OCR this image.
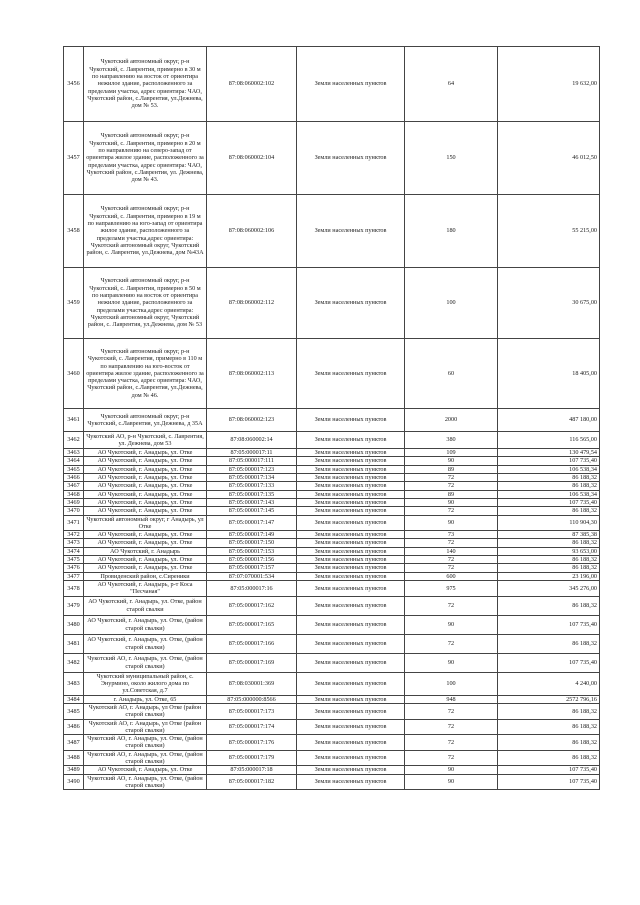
3456	Чукотский автономный округ, р-н Чукотский, с. Лаврентия, примерно в 30 м по направлению на восток от ориентира нежилое здание, расположенного за пределами участка, адрес ориентира: ЧАО, Чукотский район, с.Лаврентия, ул.Дежнева, дом № 53.	87:08:060002:102	Земли населенных пунктов	64	19 632,00
3457	Чукотский автономный округ, р-н Чукотский, с. Лаврентия, примерно в 20 м по направлению на северо-запад от ориентира жилое здание, расположенного за пределами участка, адрес ориентира: ЧАО, Чукотский район, с.Лаврентия, ул. Дежнева, дом № 43.	87:08:060002:104	Земли населенных пунктов	150	46 012,50
3458	Чукотский автономный округ, р-н Чукотский, с. Лаврентия, примерно в 19 м по направлению на юго-запад от ориентира жилое здание, расположенного за пределами участка,адрес ориентира: Чукотский автономный округ, Чукотский район, с. Лаврентия, ул.Дежнева, дом №43А	87:08:060002:106	Земли населенных пунктов	180	55 215,00
3459	Чукотский автономный округ, р-н Чукотский, с. Лаврентия, примерно в 50 м по направлению на восток от ориентира нежилое здание, расположенного за пределами участка,адрес ориентира: Чукотский автономный округ, Чукотский район, с. Лаврентия, ул.Дежнева, дом № 53	87:08:060002:112	Земли населенных пунктов	100	30 675,00
3460	Чукотский автономный округ, р-н Чукотский, с. Лаврентия, примерно в 110 м по направлению на юго-восток от ориентира жилое здание, расположенного за пределами участка, адрес ориентира: ЧАО, Чукотский район, с.Лаврентия, ул.Дежнева, дом № 46.	87:08:060002:113	Земли населенных пунктов	60	18 405,00
3461	Чукотский автономный округ, р-н Чукотский, с.Лаврентия, ул.Дежнева, д 35А	87:08:060002:123	Земли населенных пунктов	2000	487 180,00
3462	Чукотский АО, р-н Чукотский, с. Лаврентия, ул. Дежнева, дом 53	87:08:060002:14	Земли населенных пунктов	380	116 565,00
3463	АО Чукотский, г. Анадырь, ул. Отке	87:05:000017:11	Земли населенных пунктов	109	130 479,54
3464	АО Чукотский, г. Анадырь, ул. Отке	87:05:000017:111	Земли населенных пунктов	90	107 735,40
3465	АО Чукотский, г. Анадырь, ул. Отке	87:05:000017:123	Земли населенных пунктов	89	106 538,34
3466	АО Чукотский, г. Анадырь, ул. Отке	87:05:000017:134	Земли населенных пунктов	72	86 188,32
3467	АО Чукотский, г. Анадырь, ул. Отке	87:05:000017:133	Земли населенных пунктов	72	86 188,32
3468	АО Чукотский, г. Анадырь, ул. Отке	87:05:000017:135	Земли населенных пунктов	89	106 538,34
3469	АО Чукотский, г. Анадырь, ул. Отке	87:05:000017:143	Земли населенных пунктов	90	107 735,40
3470	АО Чукотский, г. Анадырь, ул. Отке	87:05:000017:145	Земли населенных пунктов	72	86 188,32
3471	Чукотский автономный округ, г Анадырь, ул Отке	87:05:000017:147	Земли населенных пунктов	90	110 904,30
3472	АО Чукотский, г. Анадырь, ул. Отке	87:05:000017:149	Земли населенных пунктов	73	87 385,38
3473	АО Чукотский, г. Анадырь, ул. Отке	87:05:000017:150	Земли населенных пунктов	72	86 188,32
3474	АО Чукотский, г. Анадырь	87:05:000017:153	Земли населенных пунктов	140	93 653,00
3475	АО Чукотский, г. Анадырь, ул. Отке	87:05:000017:156	Земли населенных пунктов	72	86 188,32
3476	АО Чукотский, г. Анадырь, ул. Отке	87:05:000017:157	Земли населенных пунктов	72	86 188,32
3477	Провиденский район, с.Сиреники	87:07:070001:534	Земли населенных пунктов	600	23 196,00
3478	АО Чукотский, г. Анадырь, р-т Коса "Песчаная"	87:05:000017:16	Земли населенных пунктов	975	345 276,00
3479	АО Чукотский, г. Анадырь, ул. Отке, район старой свалки	87:05:000017:162	Земли населенных пунктов	72	86 188,32
3480	АО Чукотский, г. Анадырь, ул. Отке, (район старой свалки)	87:05:000017:165	Земли населенных пунктов	90	107 735,40
3481	АО Чукотский, г. Анадырь, ул. Отке, (район старой свалки)	87:05:000017:166	Земли населенных пунктов	72	86 188,32
3482	Чукотский АО, г. Анадырь, ул. Отке, (район старой свалки)	87:05:000017:169	Земли населенных пунктов	90	107 735,40
3483	Чукотский муниципальный район, с. Энурмино, около жилого дома по ул.Советская, д.7	87:08:030001:369	Земли населенных пунктов	100	4 240,00
3484	г. Анадырь, ул. Отке, 65	87:05:000000:8566	Земли населенных пунктов	948	2572 796,16
3485	Чукотский АО, г. Анадырь, ул Отке (район старой свалки)	87:05:000017:173	Земли населенных пунктов	72	86 188,32
3486	Чукотский АО, г. Анадырь, ул Отке (район старой свалки)	87:05:000017:174	Земли населенных пунктов	72	86 188,32
3487	Чукотский АО, г. Анадырь, ул. Отке, (район старой свалки)	87:05:000017:176	Земли населенных пунктов	72	86 188,32
3488	Чукотский АО, г. Анадырь, ул. Отке, (район старой свалки)	87:05:000017:179	Земли населенных пунктов	72	86 188,32
3489	АО Чукотский, г. Анадырь, ул. Отке	87:05:000017:18	Земли населенных пунктов	90	107 735,40
3490	Чукотский АО, г. Анадырь, ул. Отке, (район старой свалки)	87:05:000017:182	Земли населенных пунктов	90	107 735,40
